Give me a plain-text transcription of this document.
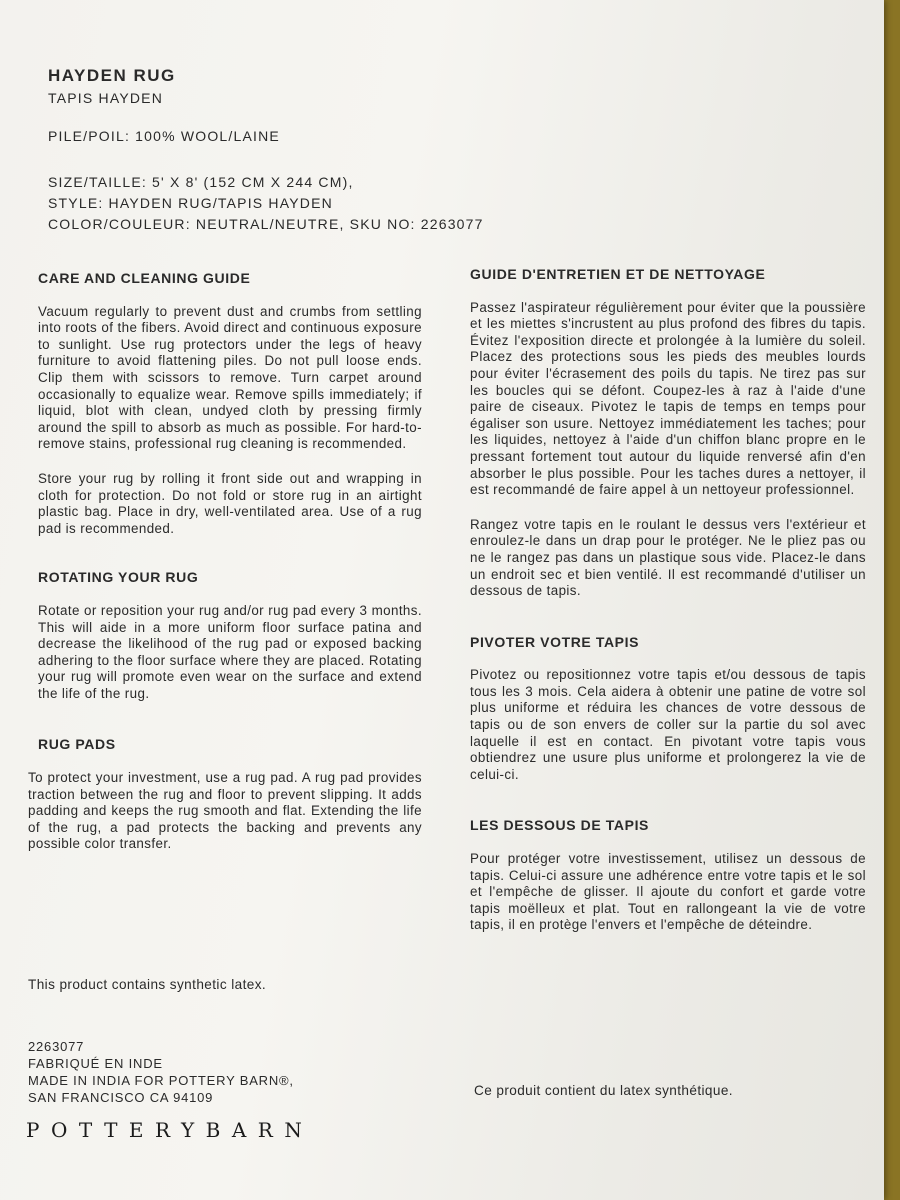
HAYDEN RUG
TAPIS HAYDEN
PILE/POIL: 100% WOOL/LAINE
SIZE/TAILLE: 5' X 8' (152 CM X 244 CM),
STYLE: HAYDEN RUG/TAPIS HAYDEN
COLOR/COULEUR: NEUTRAL/NEUTRE, SKU NO: 2263077
CARE AND CLEANING GUIDE

Vacuum regularly to prevent dust and crumbs from settling into roots of the fibers. Avoid direct and continuous exposure to sunlight. Use rug protectors under the legs of heavy furniture to avoid flattening piles. Do not pull loose ends. Clip them with scissors to remove. Turn carpet around occasionally to equalize wear. Remove spills immediately; if liquid, blot with clean, undyed cloth by pressing firmly around the spill to absorb as much as possible. For hard-to-remove stains, professional rug cleaning is recommended.

Store your rug by rolling it front side out and wrapping in cloth for protection. Do not fold or store rug in an airtight plastic bag. Place in dry, well-ventilated area. Use of a rug pad is recommended.

ROTATING YOUR RUG

Rotate or reposition your rug and/or rug pad every 3 months. This will aide in a more uniform floor surface patina and decrease the likelihood of the rug pad or exposed backing adhering to the floor surface where they are placed. Rotating your rug will promote even wear on the surface and extend the life of the rug.

RUG PADS

To protect your investment, use a rug pad. A rug pad provides traction between the rug and floor to prevent slipping. It adds padding and keeps the rug smooth and flat. Extending the life of the rug, a pad protects the backing and prevents any possible color transfer.

This product contains synthetic latex.
GUIDE D'ENTRETIEN ET DE NETTOYAGE

Passez l'aspirateur régulièrement pour éviter que la poussière et les miettes s'incrustent au plus profond des fibres du tapis. Évitez l'exposition directe et prolongée à la lumière du soleil. Placez des protections sous les pieds des meubles lourds pour éviter l'écrasement des poils du tapis. Ne tirez pas sur les boucles qui se défont. Coupez-les à raz à l'aide d'une paire de ciseaux. Pivotez le tapis de temps en temps pour égaliser son usure. Nettoyez immédiatement les taches; pour les liquides, nettoyez à l'aide d'un chiffon blanc propre en le pressant fortement tout autour du liquide renversé afin d'en absorber le plus possible. Pour les taches dures a nettoyer, il est recommandé de faire appel à un nettoyeur professionnel.

Rangez votre tapis en le roulant le dessus vers l'extérieur et enroulez-le dans un drap pour le protéger. Ne le pliez pas ou ne le rangez pas dans un plastique sous vide. Placez-le dans un endroit sec et bien ventilé. Il est recommandé d'utiliser un dessous de tapis.

PIVOTER VOTRE TAPIS

Pivotez ou repositionnez votre tapis et/ou dessous de tapis tous les 3 mois. Cela aidera à obtenir une patine de votre sol plus uniforme et réduira les chances de votre dessous de tapis ou de son envers de coller sur la partie du sol avec laquelle il est en contact. En pivotant votre tapis vous obtiendrez une usure plus uniforme et prolongerez la vie de celui-ci.

LES DESSOUS DE TAPIS

Pour protéger votre investissement, utilisez un dessous de tapis. Celui-ci assure une adhérence entre votre tapis et le sol et l'empêche de glisser. Il ajoute du confort et garde votre tapis moëlleux et plat. Tout en rallongeant la vie de votre tapis, il en protège l'envers et l'empêche de déteindre.

Ce produit contient du latex synthétique.
2263077
FABRIQUÉ EN INDE
MADE IN INDIA FOR POTTERY BARN®,
SAN FRANCISCO CA 94109
POTTERYBARN
